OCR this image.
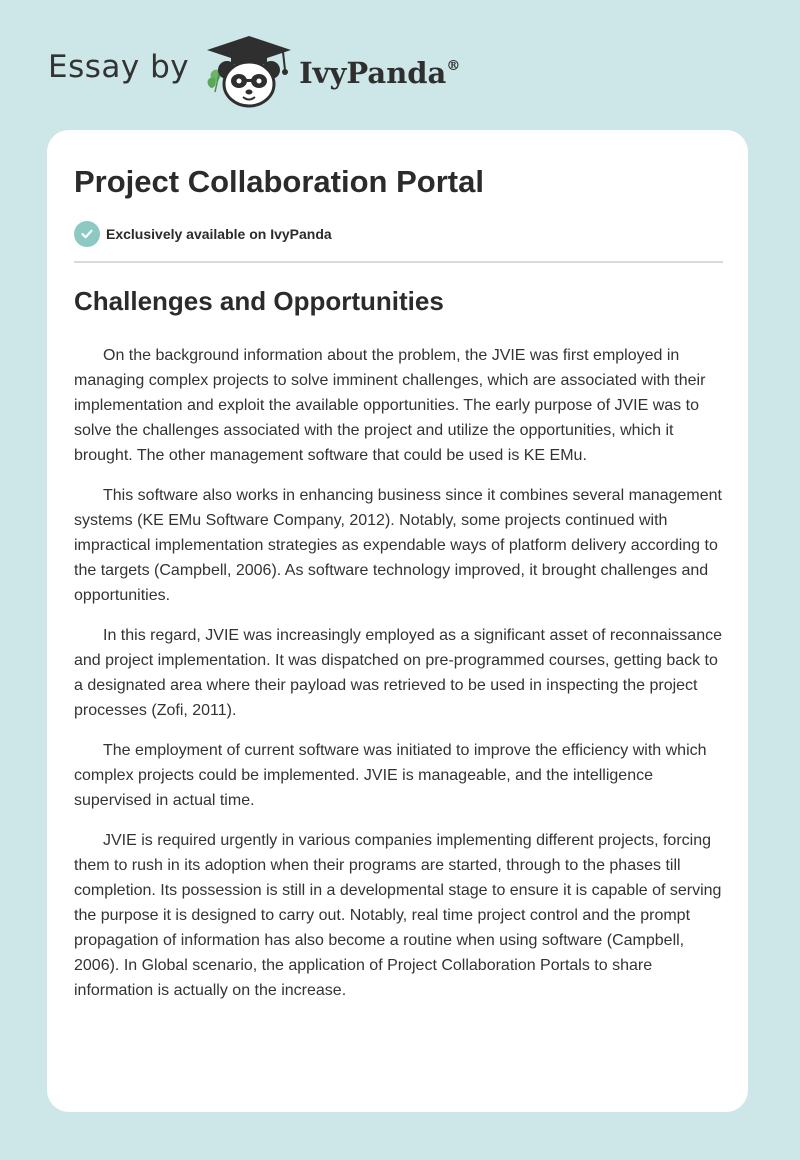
Essay by	IvyPanda®
Project Collaboration Portal
Exclusively available on IvyPanda
Challenges and Opportunities

On the background information about the problem, the JVIE was first employed in managing complex projects to solve imminent challenges, which are associated with their implementation and exploit the available opportunities. The early purpose of JVIE was to solve the challenges associated with the project and utilize the opportunities, which it brought. The other management software that could be used is KE EMu.

This software also works in enhancing business since it combines several management systems (KE EMu Software Company, 2012). Notably, some projects continued with impractical implementation strategies as expendable ways of platform delivery according to the targets (Campbell, 2006). As software technology improved, it brought challenges and opportunities.

In this regard, JVIE was increasingly employed as a significant asset of reconnaissance and project implementation. It was dispatched on pre-programmed courses, getting back to a designated area where their payload was retrieved to be used in inspecting the project processes (Zofi, 2011).

The employment of current software was initiated to improve the efficiency with which complex projects could be implemented. JVIE is manageable, and the intelligence supervised in actual time.

JVIE is required urgently in various companies implementing different projects, forcing them to rush in its adoption when their programs are started, through to the phases till completion. Its possession is still in a developmental stage to ensure it is capable of serving the purpose it is designed to carry out. Notably, real time project control and the prompt propagation of information has also become a routine when using software (Campbell, 2006). In Global scenario, the application of Project Collaboration Portals to share information is actually on the increase.
